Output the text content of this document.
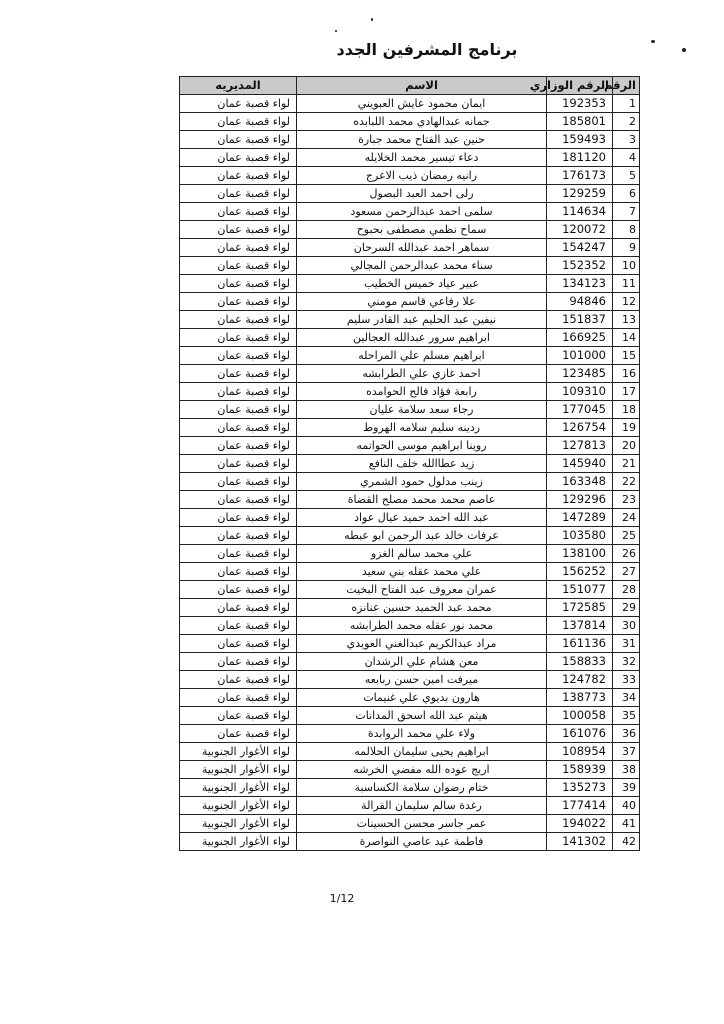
برنامج المشرفين الجدد
الرقم	الرقم الوزاري	الاسم	المديريه
1	192353	ايمان محمود عايش العبويني	لواء قصبة عمان
2	185801	جمانه عبدالهادي محمد اللبابده	لواء قصبة عمان
3	159493	حنين عبد الفتاح محمد جبارة	لواء قصبة عمان
4	181120	دعاء تيسير محمد الخلايله	لواء قصبة عمان
5	176173	رانيه رمضان ذيب الاعرج	لواء قصبة عمان
6	129259	رلى احمد العبد البصول	لواء قصبة عمان
7	114634	سلمى احمد عبدالرحمن مسعود	لواء قصبة عمان
8	120072	سماح نظمي مصطفى بحبوح	لواء قصبة عمان
9	154247	سماهر احمد عبدالله السرحان	لواء قصبة عمان
10	152352	سناء محمد عبدالرحمن المجالي	لواء قصبة عمان
11	134123	عبير عياد خميس الخطيب	لواء قصبة عمان
12	94846	علا رفاعي قاسم مومني	لواء قصبة عمان
13	151837	نيفين عبد الحليم عبد القادر سليم	لواء قصبة عمان
14	166925	ابراهيم سرور عبدالله العجالين	لواء قصبة عمان
15	101000	ابراهيم مسلم علي المراحله	لواء قصبة عمان
16	123485	احمد غازي علي الطرابشه	لواء قصبة عمان
17	109310	رابعة فؤاد فالح الحوامده	لواء قصبة عمان
18	177045	رجاء سعد سلامة عليان	لواء قصبة عمان
19	126754	ردينه سليم سلامه الهروط	لواء قصبة عمان
20	127813	روينا ابراهيم موسى الحواتمه	لواء قصبة عمان
21	145940	زيد عطاالله خلف النافع	لواء قصبة عمان
22	163348	زينب مدلول حمود الشمري	لواء قصبة عمان
23	129296	عاصم محمد محمد مصلح القضاة	لواء قصبة عمان
24	147289	عبد الله احمد حميد عيال عواد	لواء قصبة عمان
25	103580	عرفات خالد عبد الرحمن ابو عبطه	لواء قصبة عمان
26	138100	علي محمد سالم الغزو	لواء قصبة عمان
27	156252	علي محمد عقله بني سعيد	لواء قصبة عمان
28	151077	عمران معروف عبد الفتاح البخيت	لواء قصبة عمان
29	172585	محمد عبد الحميد حسين عنانزه	لواء قصبة عمان
30	137814	محمد نور عقله محمد الطرابشه	لواء قصبة عمان
31	161136	مراد عبدالكريم عبدالغني العويدي	لواء قصبة عمان
32	158833	معن هشام علي الرشدان	لواء قصبة عمان
33	124782	ميرفت امين حسن ربابعه	لواء قصبة عمان
34	138773	هارون بديوي علي غنيمات	لواء قصبة عمان
35	100058	هيثم عبد الله اسحق المدانات	لواء قصبة عمان
36	161076	ولاء علي محمد الروابدة	لواء قصبة عمان
37	108954	ابراهيم يحيى سليمان الحلالمه	لواء الأغوار الجنوبية
38	158939	اريج عوده الله مفضي الخرشه	لواء الأغوار الجنوبية
39	135273	ختام رضوان سلامة الكساسبة	لواء الأغوار الجنوبية
40	177414	رغدة سالم سليمان القرالة	لواء الأغوار الجنوبية
41	194022	عمر جاسر محسن الحسينات	لواء الأغوار الجنوبية
42	141302	فاطمة عيد عاصي النواصرة	لواء الأغوار الجنوبية
1/12
